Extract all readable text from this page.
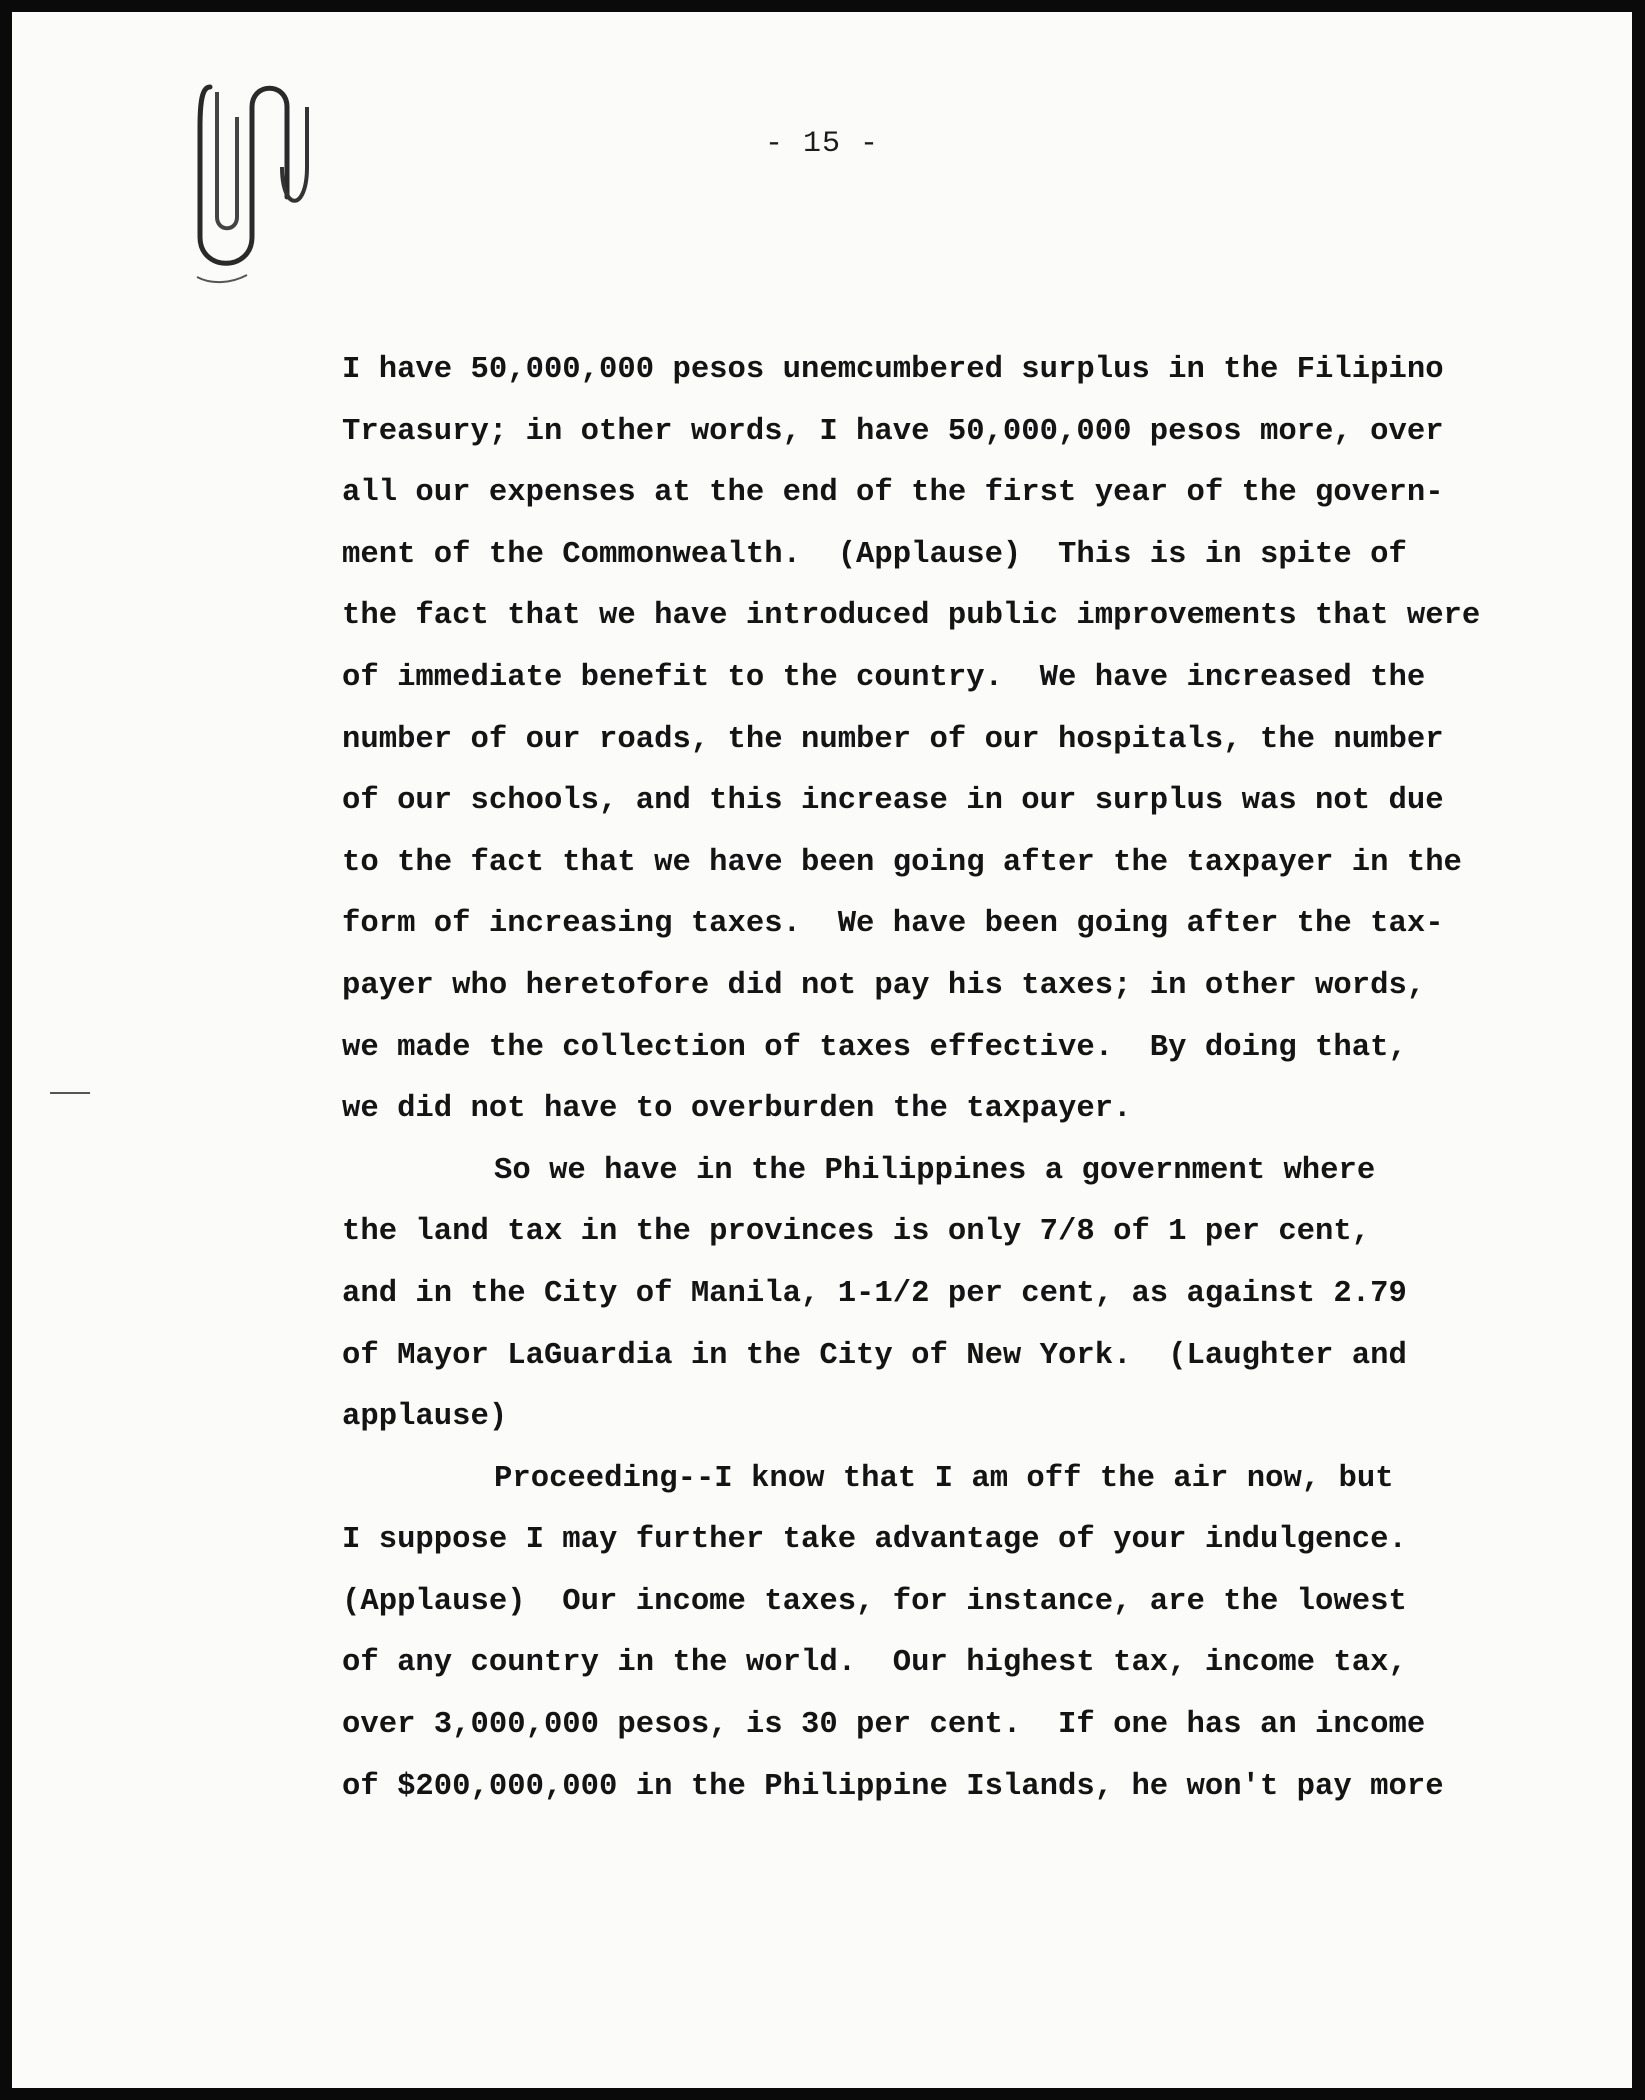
- 15 -
I have 50,000,000 pesos unemcumbered surplus in the Filipino
Treasury; in other words, I have 50,000,000 pesos more, over
all our expenses at the end of the first year of the govern-
ment of the Commonwealth.  (Applause)  This is in spite of
the fact that we have introduced public improvements that were
of immediate benefit to the country.  We have increased the
number of our roads, the number of our hospitals, the number
of our schools, and this increase in our surplus was not due
to the fact that we have been going after the taxpayer in the
form of increasing taxes.  We have been going after the tax-
payer who heretofore did not pay his taxes; in other words,
we made the collection of taxes effective.  By doing that,
we did not have to overburden the taxpayer.
So we have in the Philippines a government where
the land tax in the provinces is only 7/8 of 1 per cent,
and in the City of Manila, 1-1/2 per cent, as against 2.79
of Mayor LaGuardia in the City of New York.  (Laughter and
applause)
Proceeding--I know that I am off the air now, but
I suppose I may further take advantage of your indulgence.
(Applause)  Our income taxes, for instance, are the lowest
of any country in the world.  Our highest tax, income tax,
over 3,000,000 pesos, is 30 per cent.  If one has an income
of $200,000,000 in the Philippine Islands, he won't pay more
